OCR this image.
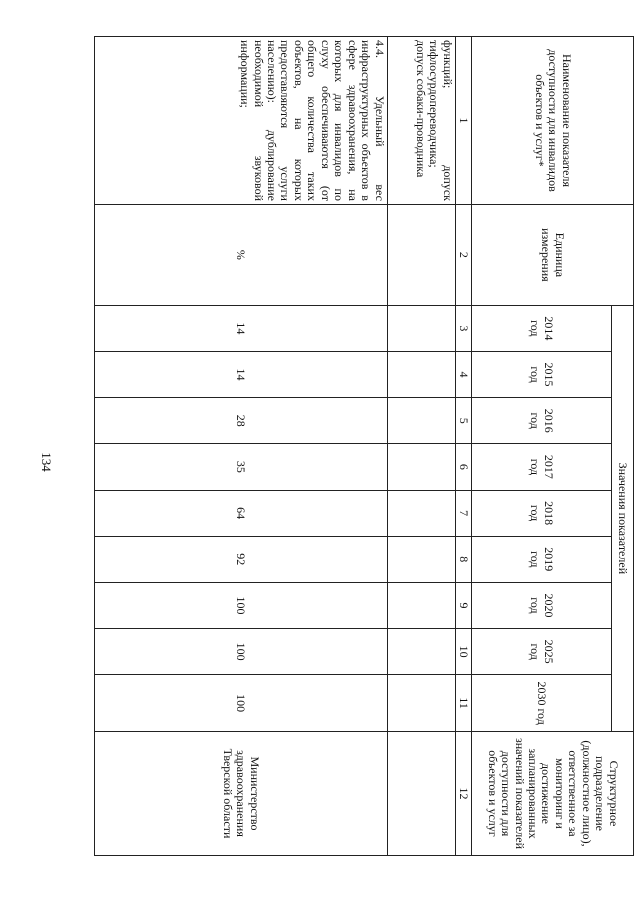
134
Наименование показателя доступности для инвалидов объектов и услуг*	Единица измерения	Значения показателей									Структурное подразделение (должностное лицо), ответственное за мониторинг и достижение запланированных значений показателей доступности для объектов и услуг
		2014 год	2015 год	2016 год	2017 год	2018 год	2019 год	2020 год	2025 год	2030 год	
1	2	3	4	5	6	7	8	9	10	11	12
функций; допуск тифлосурдопереводчика; допуск собаки-проводника											
4.4. Удельный вес инфраструктурных объектов в сфере здравоохранения, на которых для инвалидов по слуху обеспечиваются (от общего количества таких объектов, на которых предоставляются услуги населению): дублирование необходимой звуковой информации;	%	14	14	28	35	64	92	100	100	100	Министерство здравоохранения Тверской области
